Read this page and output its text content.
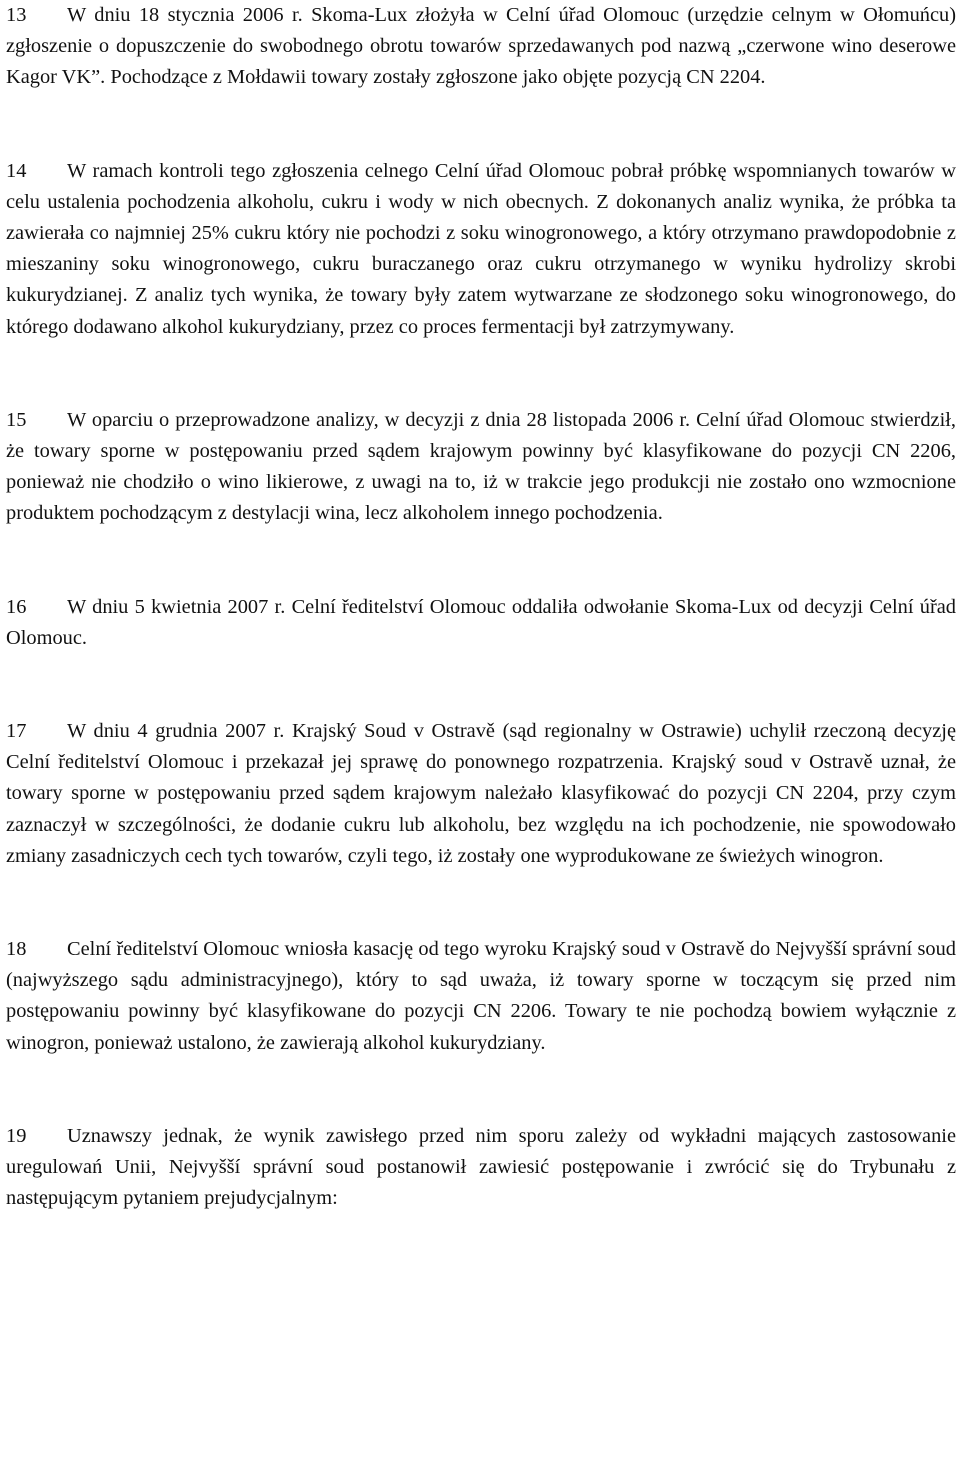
13 W dniu 18 stycznia 2006 r. Skoma-Lux złożyła w Celní úřad Olomouc (urzędzie celnym w Ołomuńcu) zgłoszenie o dopuszczenie do swobodnego obrotu towarów sprzedawanych pod nazwą „czerwone wino deserowe Kagor VK”. Pochodzące z Mołdawii towary zostały zgłoszone jako objęte pozycją CN 2204.

14 W ramach kontroli tego zgłoszenia celnego Celní úřad Olomouc pobrał próbkę wspomnianych towarów w celu ustalenia pochodzenia alkoholu, cukru i wody w nich obecnych. Z dokonanych analiz wynika, że próbka ta zawierała co najmniej 25% cukru który nie pochodzi z soku winogronowego, a który otrzymano prawdopodobnie z mieszaniny soku winogronowego, cukru buraczanego oraz cukru otrzymanego w wyniku hydrolizy skrobi kukurydzianej. Z analiz tych wynika, że towary były zatem wytwarzane ze słodzonego soku winogronowego, do którego dodawano alkohol kukurydziany, przez co proces fermentacji był zatrzymywany.

15 W oparciu o przeprowadzone analizy, w decyzji z dnia 28 listopada 2006 r. Celní úřad Olomouc stwierdził, że towary sporne w postępowaniu przed sądem krajowym powinny być klasyfikowane do pozycji CN 2206, ponieważ nie chodziło o wino likierowe, z uwagi na to, iż w trakcie jego produkcji nie zostało ono wzmocnione produktem pochodzącym z destylacji wina, lecz alkoholem innego pochodzenia.

16 W dniu 5 kwietnia 2007 r. Celní ředitelství Olomouc oddaliła odwołanie Skoma‑Lux od decyzji Celní úřad Olomouc.

17 W dniu 4 grudnia 2007 r. Krajský Soud v Ostravě (sąd regionalny w Ostrawie) uchylił rzeczoną decyzję Celní ředitelství Olomouc i przekazał jej sprawę do ponownego rozpatrzenia. Krajský soud v Ostravě uznał, że towary sporne w postępowaniu przed sądem krajowym należało klasyfikować do pozycji CN 2204, przy czym zaznaczył w szczególności, że dodanie cukru lub alkoholu, bez względu na ich pochodzenie, nie spowodowało zmiany zasadniczych cech tych towarów, czyli tego, iż zostały one wyprodukowane ze świeżych winogron.

18 Celní ředitelství Olomouc wniosła kasację od tego wyroku Krajský soud v Ostravě do Nejvyšší správní soud (najwyższego sądu administracyjnego), który to sąd uważa, iż towary sporne w toczącym się przed nim postępowaniu powinny być klasyfikowane do pozycji CN 2206. Towary te nie pochodzą bowiem wyłącznie z winogron, ponieważ ustalono, że zawierają alkohol kukurydziany.

19 Uznawszy jednak, że wynik zawisłego przed nim sporu zależy od wykładni mających zastosowanie uregulowań Unii, Nejvyšší správní soud postanowił zawiesić postępowanie i zwrócić się do Trybunału z następującym pytaniem prejudycjalnym:
